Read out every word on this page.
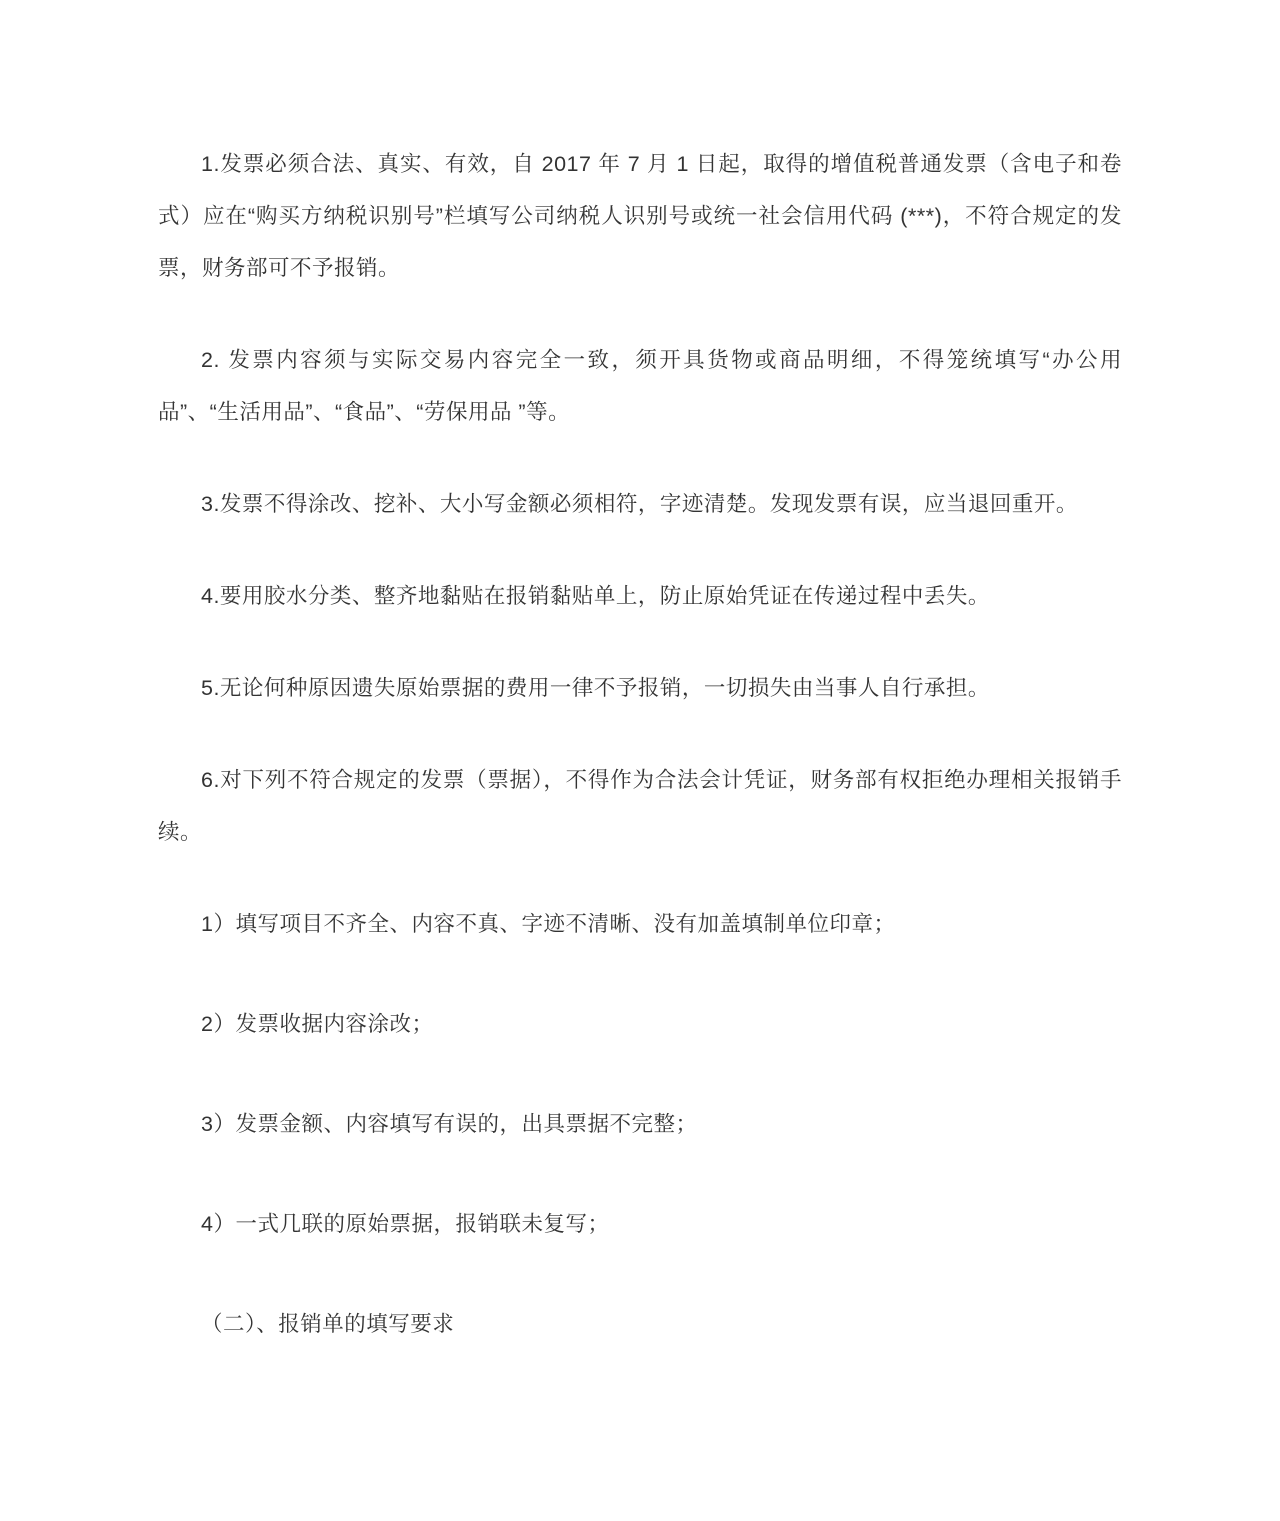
1.发票必须合法、真实、有效，自 2017 年 7 月 1 日起，取得的增值税普通发票（含电子和卷式）应在“购买方纳税识别号”栏填写公司纳税人识别号或统一社会信用代码 (***)，不符合规定的发票，财务部可不予报销。

2. 发票内容须与实际交易内容完全一致，须开具货物或商品明细，不得笼统填写“办公用品”、“生活用品”、“食品”、“劳保用品 ”等。

3.发票不得涂改、挖补、大小写金额必须相符，字迹清楚。发现发票有误，应当退回重开。

4.要用胶水分类、整齐地黏贴在报销黏贴单上，防止原始凭证在传递过程中丢失。

5.无论何种原因遗失原始票据的费用一律不予报销，一切损失由当事人自行承担。

6.对下列不符合规定的发票（票据），不得作为合法会计凭证，财务部有权拒绝办理相关报销手续。

1）填写项目不齐全、内容不真、字迹不清晰、没有加盖填制单位印章；

2）发票收据内容涂改；

3）发票金额、内容填写有误的，出具票据不完整；

4）一式几联的原始票据，报销联未复写；

（二）、报销单的填写要求
